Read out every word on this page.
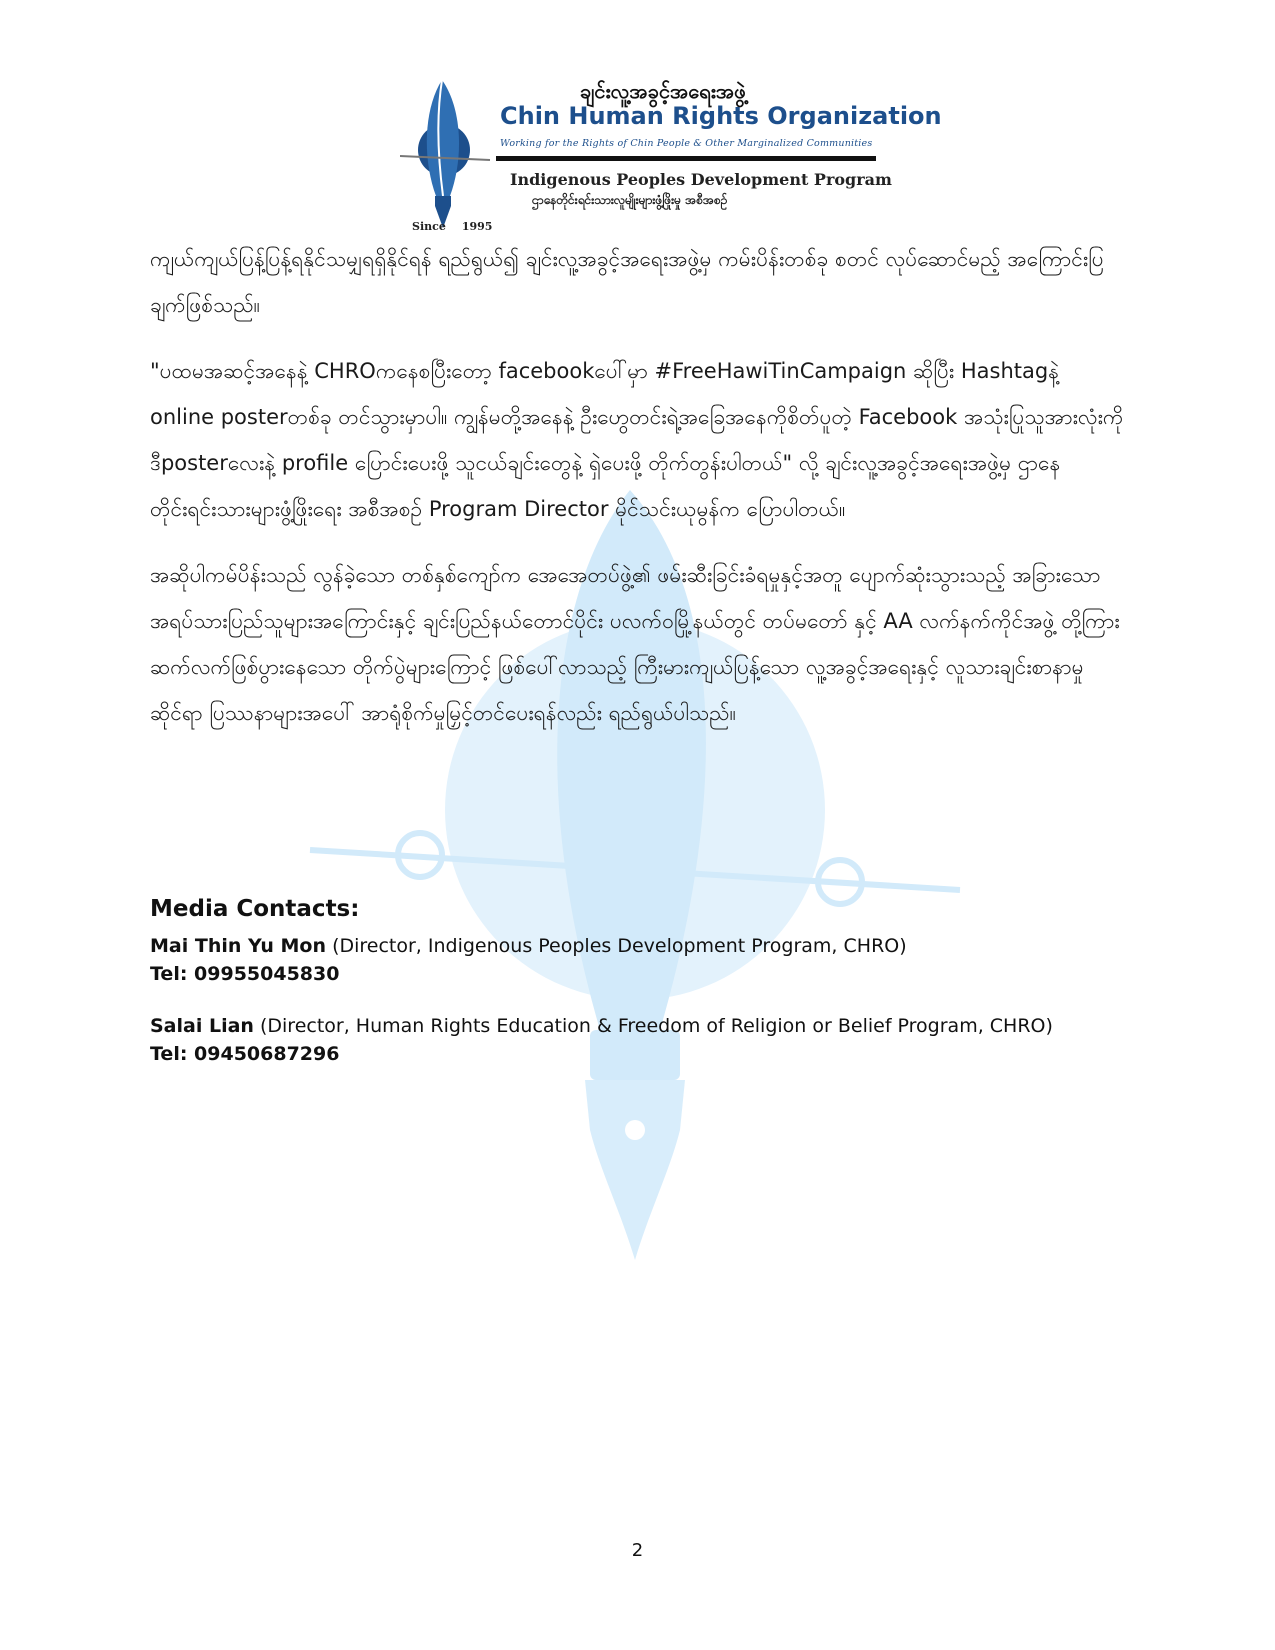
Since 1995
ချင်းလူ့အခွင့်အရေးအဖွဲ့
Chin Human Rights Organization
Working for the Rights of Chin People & Other Marginalized Communities
Indigenous Peoples Development Program
ဌာနေတိုင်းရင်းသားလူမျိုးများဖွံ့ဖြိုးမှု အစီအစဉ်

ကျယ်ကျယ်ပြန့်ပြန့်ရနိုင်သမျှရရှိနိုင်ရန် ရည်ရွယ်၍ ချင်းလူ့အခွင့်အရေးအဖွဲ့မှ ကမ်းပိန်းတစ်ခု စတင် လုပ်ဆောင်မည့် အကြောင်းပြချက်ဖြစ်သည်။

"ပထမအဆင့်အနေနဲ့ CHROကနေစပြီးတော့ facebookပေါ်မှာ #FreeHawiTinCampaign ဆိုပြီး Hashtagနဲ့ online posterတစ်ခု တင်သွားမှာပါ။ ကျွန်မတို့အနေနဲ့ ဦးဟွေတင်းရဲ့အခြေအနေကိုစိတ်ပူတဲ့ Facebook အသုံးပြုသူအားလုံးကို ဒီposterလေးနဲ့ profile ပြောင်းပေးဖို့ သူငယ်ချင်းတွေနဲ့ ရှဲပေးဖို့ တိုက်တွန်းပါတယ်" လို့ ချင်းလူ့အခွင့်အရေးအဖွဲ့မှ ဌာနေတိုင်းရင်းသားများဖွံ့ဖြိုးရေး အစီအစဉ် Program Director မိုင်သင်းယုမွန်က ပြောပါတယ်။

အဆိုပါကမ်ပိန်းသည် လွန်ခဲ့သော တစ်နှစ်ကျော်က အေအေတပ်ဖွဲ့၏ ဖမ်းဆီးခြင်းခံရမှုနှင့်အတူ ပျောက်ဆုံးသွားသည့် အခြားသော အရပ်သားပြည်သူများအကြောင်းနှင့် ချင်းပြည်နယ်တောင်ပိုင်း ပလက်ဝမြို့နယ်တွင် တပ်မတော် နှင့် AA လက်နက်ကိုင်အဖွဲ့ တို့ကြား ဆက်လက်ဖြစ်ပွားနေသော တိုက်ပွဲများကြောင့် ဖြစ်ပေါ်လာသည့် ကြီးမားကျယ်ပြန့်သော လူ့အခွင့်အရေးနှင့် လူသားချင်းစာနာမှုဆိုင်ရာ ပြဿနာများအပေါ် အာရုံစိုက်မှုမြှင့်တင်ပေးရန်လည်း ရည်ရွယ်ပါသည်။

Media Contacts:
Mai Thin Yu Mon (Director, Indigenous Peoples Development Program, CHRO)
Tel: 09955045830
Salai Lian (Director, Human Rights Education & Freedom of Religion or Belief Program, CHRO)
Tel: 09450687296
2
